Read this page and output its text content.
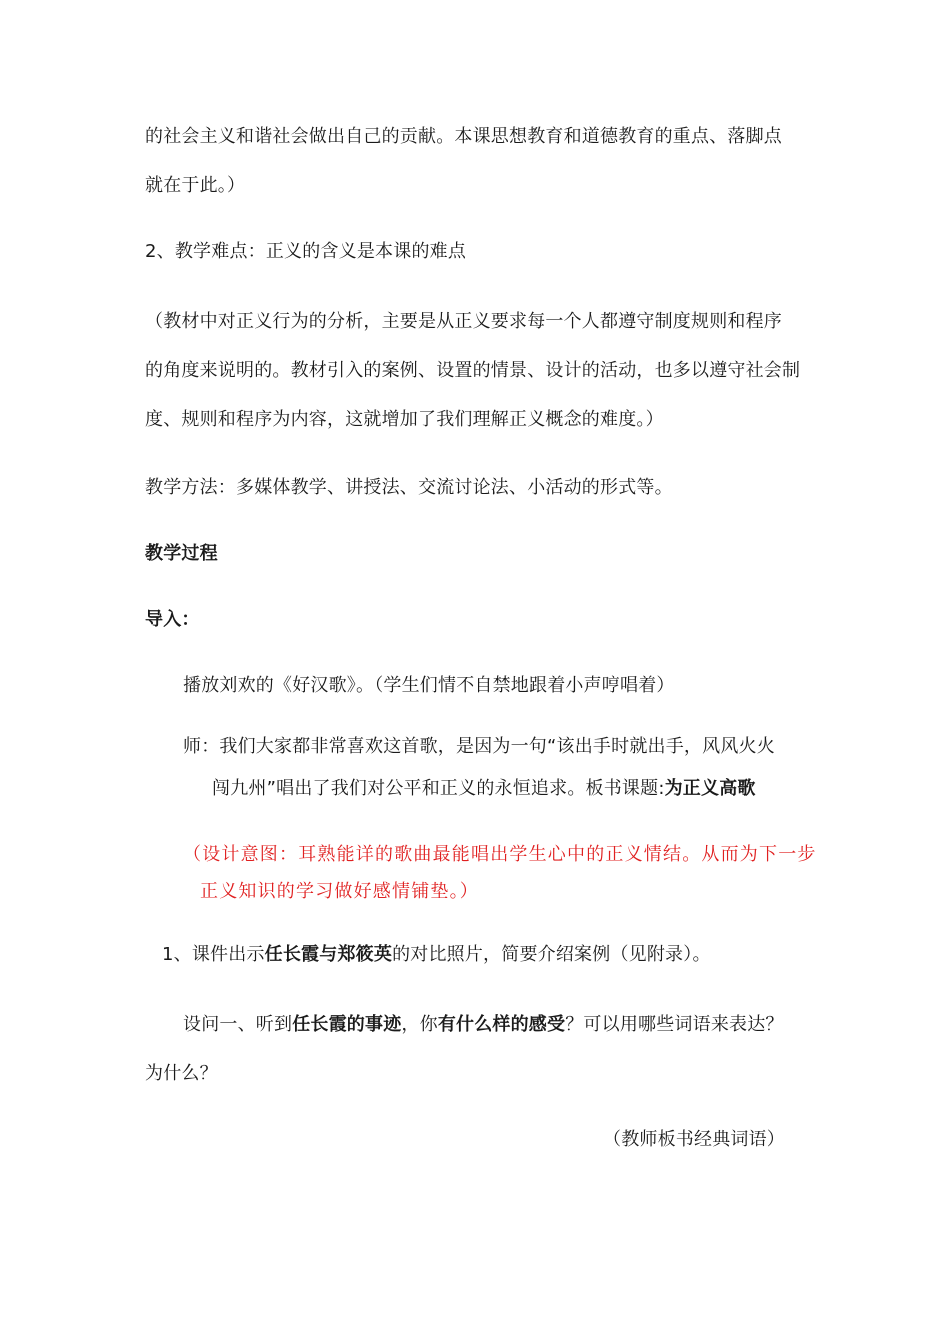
的社会主义和谐社会做出自己的贡献。本课思想教育和道德教育的重点、落脚点
就在于此。）
2、教学难点：正义的含义是本课的难点
（教材中对正义行为的分析，主要是从正义要求每一个人都遵守制度规则和程序
的角度来说明的。教材引入的案例、设置的情景、设计的活动，也多以遵守社会制
度、规则和程序为内容，这就增加了我们理解正义概念的难度。）
教学方法：多媒体教学、讲授法、交流讨论法、小活动的形式等。
教学过程
导入：
播放刘欢的《好汉歌》。（学生们情不自禁地跟着小声哼唱着）
师：我们大家都非常喜欢这首歌，是因为一句“该出手时就出手，风风火火
闯九州”唱出了我们对公平和正义的永恒追求。板书课题:为正义高歌
（设计意图：耳熟能详的歌曲最能唱出学生心中的正义情结。从而为下一步
正义知识的学习做好感情铺垫。）
1、课件出示任长霞与郑筱英的对比照片，简要介绍案例（见附录）。
设问一、听到任长霞的事迹，你有什么样的感受？可以用哪些词语来表达？
为什么？
（教师板书经典词语）
